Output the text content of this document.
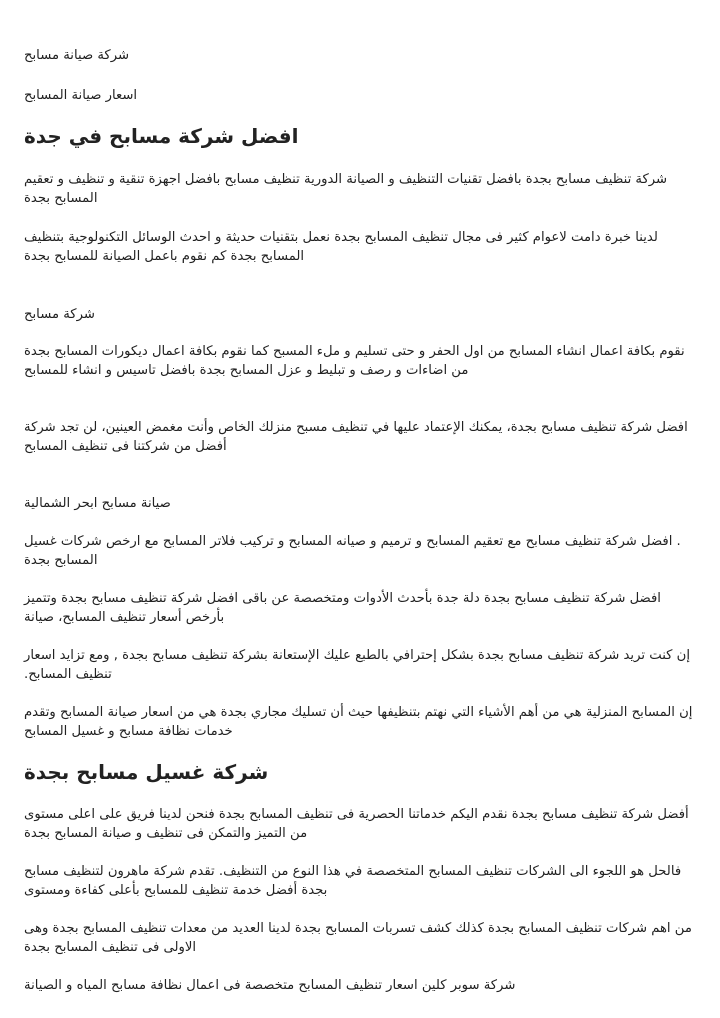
شركة صيانة مسابح

اسعار صيانة المسابح

افضل شركة مسابح في جدة

شركة تنظيف مسابح بجدة بافضل تقنيات التنظيف و الصيانة الدورية تنظيف مسابح بافضل اجهزة تنقية و تنظيف و تعقيم المسابح بجدة

لدينا خبرة دامت لاعوام كثير فى مجال تنظيف المسابح بجدة نعمل بتقنيات حديثة و احدث الوسائل التكنولوجية بتنظيف المسابح بجدة كم نقوم باعمل الصيانة للمسابح بجدة

شركة مسابح

نقوم بكافة اعمال انشاء المسابح من اول الحفر و حتى تسليم و ملء المسبح كما نقوم بكافة اعمال ديكورات المسابح بجدة من اضاءات و رصف و تبليط و عزل المسابح بجدة بافضل تاسيس و انشاء للمسابح

افضل شركة تنظيف مسابح بجدة، يمكنك الإعتماد عليها في تنظيف مسبح منزلك الخاص وأنت مغمض العينين، لن تجد شركة أفضل من شركتنا فى تنظيف المسابح

صيانة مسابح ابحر الشمالية

. افضل شركة تنظيف مسابح مع تعقيم المسابح و ترميم و صيانه المسابح و تركيب فلاتر المسابح مع ارخص شركات غسيل المسابح بجدة

افضل شركة تنظيف مسابح بجدة دلة جدة بأحدث الأدوات ومتخصصة عن باقى افضل شركة تنظيف مسابح بجدة وتتميز بأرخص أسعار تنظيف المسابح، صيانة

إن كنت تريد شركة تنظيف مسابح بجدة بشكل إحترافي بالطبع عليك الإستعانة بشركة تنظيف مسابح بجدة , ومع تزايد اسعار تنظيف المسابح.

إن المسابح المنزلية هي من أهم الأشياء التي نهتم بتنظيفها حيث أن تسليك مجاري بجدة هي من اسعار صيانة المسابح وتقدم خدمات نظافة مسابح و غسيل المسابح

شركة غسيل مسابح بجدة

أفضل شركة تنظيف مسابح بجدة نقدم اليكم خدماتنا الحصرية فى تنظيف المسابح بجدة فنحن لدينا فريق على اعلى مستوى من التميز والتمكن فى تنظيف و صيانة المسابح بجدة

فالحل هو اللجوء الى الشركات تنظيف المسابح المتخصصة في هذا النوع من التنظيف. تقدم شركة ماهرون لتنظيف مسابح بجدة أفضل خدمة تنظيف للمسابح بأعلى كفاءة ومستوى

من اهم شركات تنظيف المسابح بجدة كذلك كشف تسربات المسابح بجدة لدينا العديد من معدات تنظيف المسابح بجدة وهى الاولى فى تنظيف المسابح بجدة

شركة سوبر كلين اسعار تنظيف المسابح متخصصة فى اعمال نظافة مسابح المياه و الصيانة
